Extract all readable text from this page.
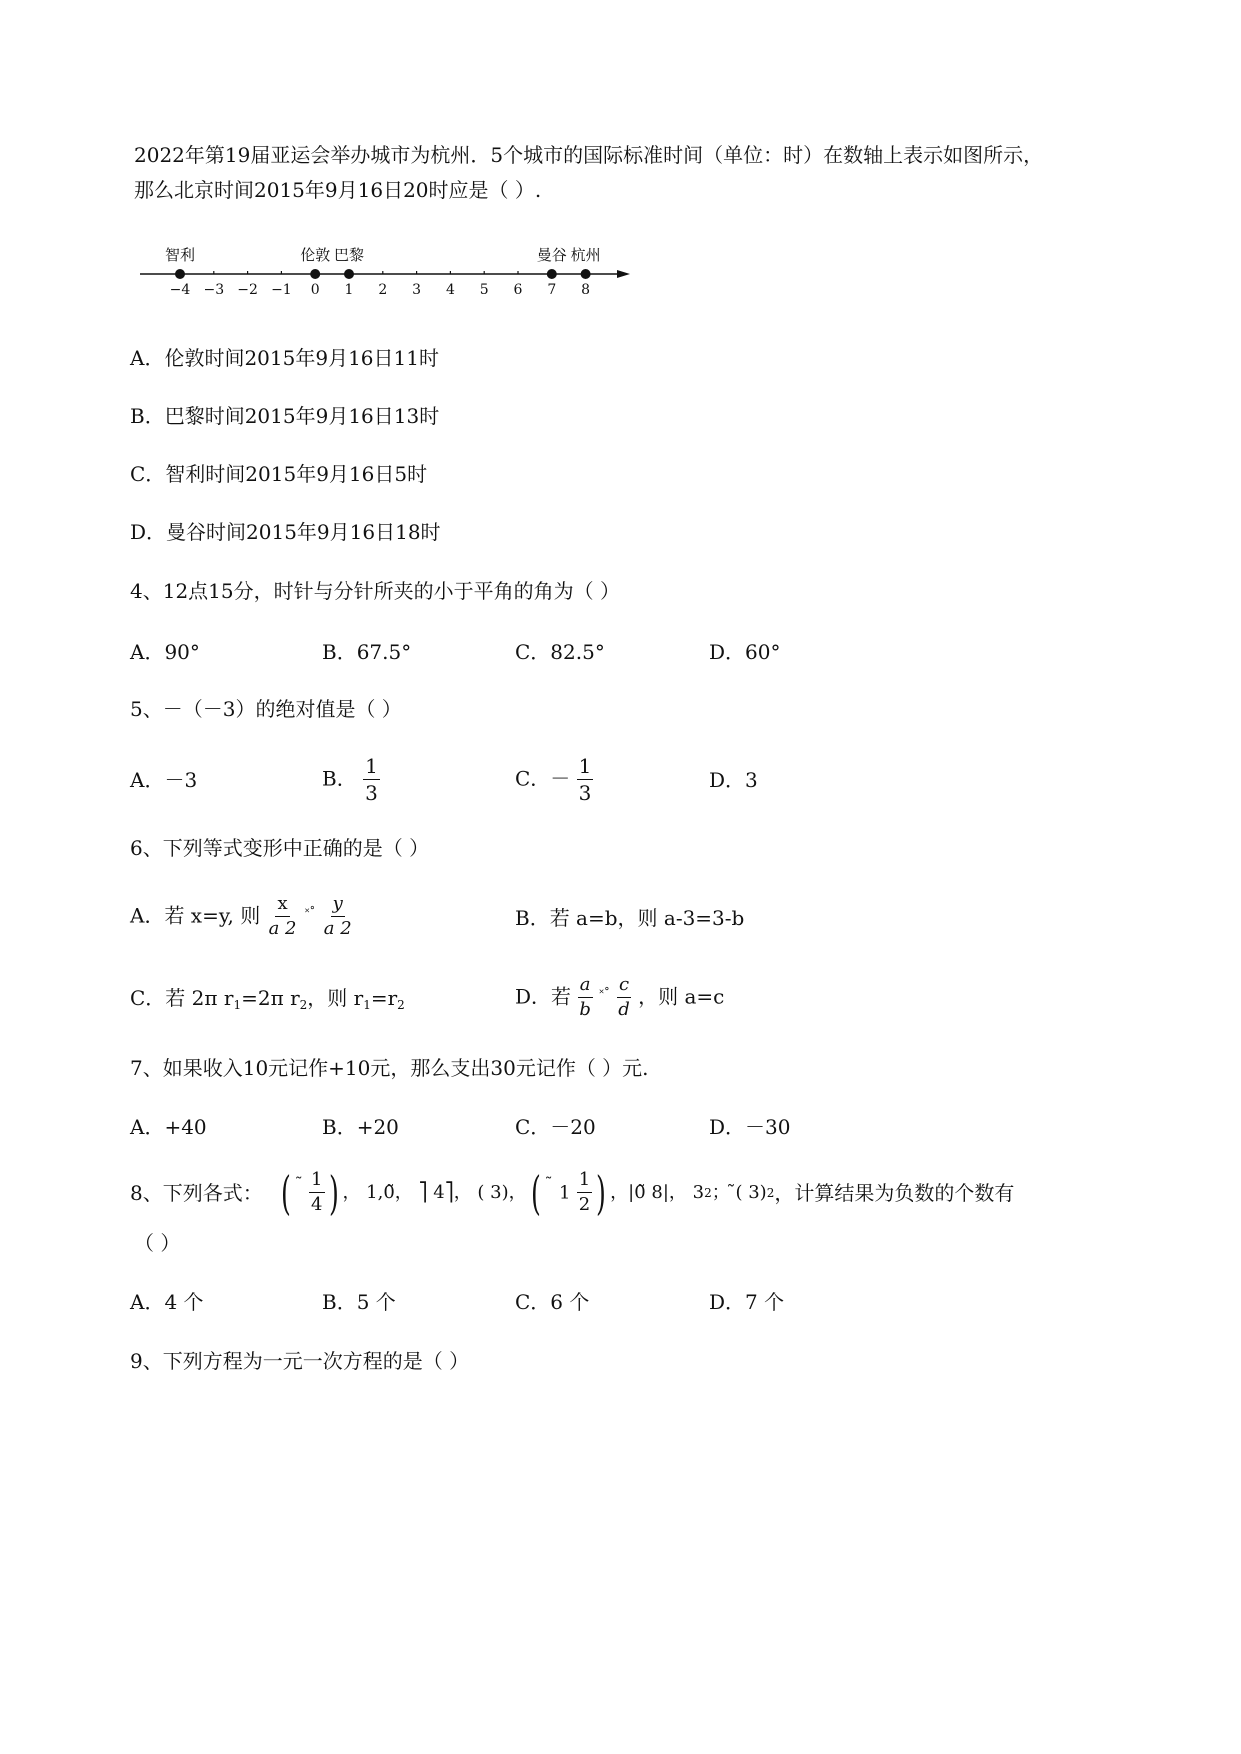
2022年第19届亚运会举办城市为杭州．5个城市的国际标准时间（单位：时）在数轴上表示如图所示，
那么北京时间2015年9月16日20时应是（ ）.
−4 −3 −2 −1 0 1 2 3 4 5 6 7 8
智利	伦敦 巴黎	曼谷 杭州
A．伦敦时间2015年9月16日11时
B．巴黎时间2015年9月16日13时
C．智利时间2015年9月16日5时
D．曼谷时间2015年9月16日18时
4、12点15分，时针与分针所夹的小于平角的角为（ ）
A．90°	B．67.5°	C．82.5°	D．60°
5、－（－3）的绝对值是（ ）
A．－3	B． $\frac{1}{3}$	C．－ $\frac{1}{3}$	D．3
6、下列等式变形中正确的是（ ）
A．若 x=y, 则 $\frac{x}{a 2} ^{˟˚} \frac{y}{a 2}$	B．若 a=b，则 a-3=3-b
C．若 2π $r_1=2\pi$ $r_2$，则 $r_1=r_2$	D．若 $\frac{a}{b} ^{˟˚} \frac{c}{d}$ ，则 a=c
7、如果收入10元记作+10元，那么支出30元记作（ ）元.
A．+40	B．+20	C．－20	D．－30
8、下列各式： ( $^˜ \frac{1}{4}$ ) ， 1,0̃， ⎤ 4⎤， ( 3)， ( ˜ $1 \frac{1}{2}$ ) ，|0̃ 8|， 3 2 ； ̃( 3) 2 ，计算结果为负数的个数有
（ ）
A．4 个	B．5 个	C．6 个	D．7 个
9、下列方程为一元一次方程的是（ ）
